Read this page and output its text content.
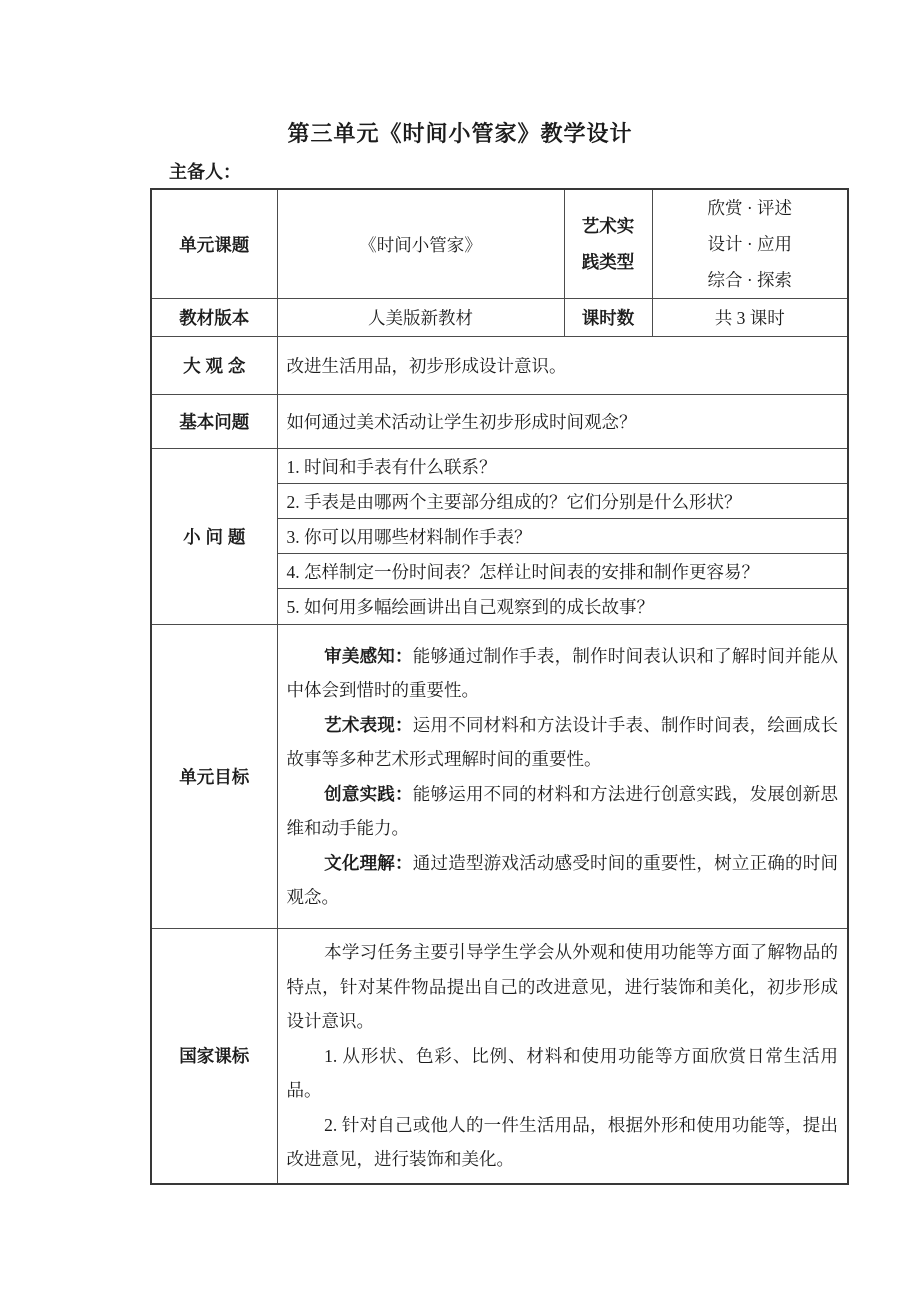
第三单元《时间小管家》教学设计
主备人：
单元课题	《时间小管家》	艺术实践类型	欣赏 · 评述
设计 · 应用
综合 · 探索

教材版本	人美版新教材	课时数	共 3 课时
大 观 念	改进生活用品，初步形成设计意识。		
基本问题	如何通过美术活动让学生初步形成时间观念？		
小 问 题	1. 时间和手表有什么联系？		
	2. 手表是由哪两个主要部分组成的？它们分别是什么形状？		
	3. 你可以用哪些材料制作手表？		
	4. 怎样制定一份时间表？怎样让时间表的安排和制作更容易？		
	5. 如何用多幅绘画讲出自己观察到的成长故事？		
单元目标	审美感知：能够通过制作手表，制作时间表认识和了解时间并能从中体会到惜时的重要性。

艺术表现：运用不同材料和方法设计手表、制作时间表，绘画成长故事等多种艺术形式理解时间的重要性。

创意实践：能够运用不同的材料和方法进行创意实践，发展创新思维和动手能力。

文化理解：通过造型游戏活动感受时间的重要性，树立正确的时间观念。		

国家课标	本学习任务主要引导学生学会从外观和使用功能等方面了解物品的特点，针对某件物品提出自己的改进意见，进行装饰和美化，初步形成设计意识。

1. 从形状、色彩、比例、材料和使用功能等方面欣赏日常生活用品。

2. 针对自己或他人的一件生活用品，根据外形和使用功能等，提出改进意见，进行装饰和美化。		
